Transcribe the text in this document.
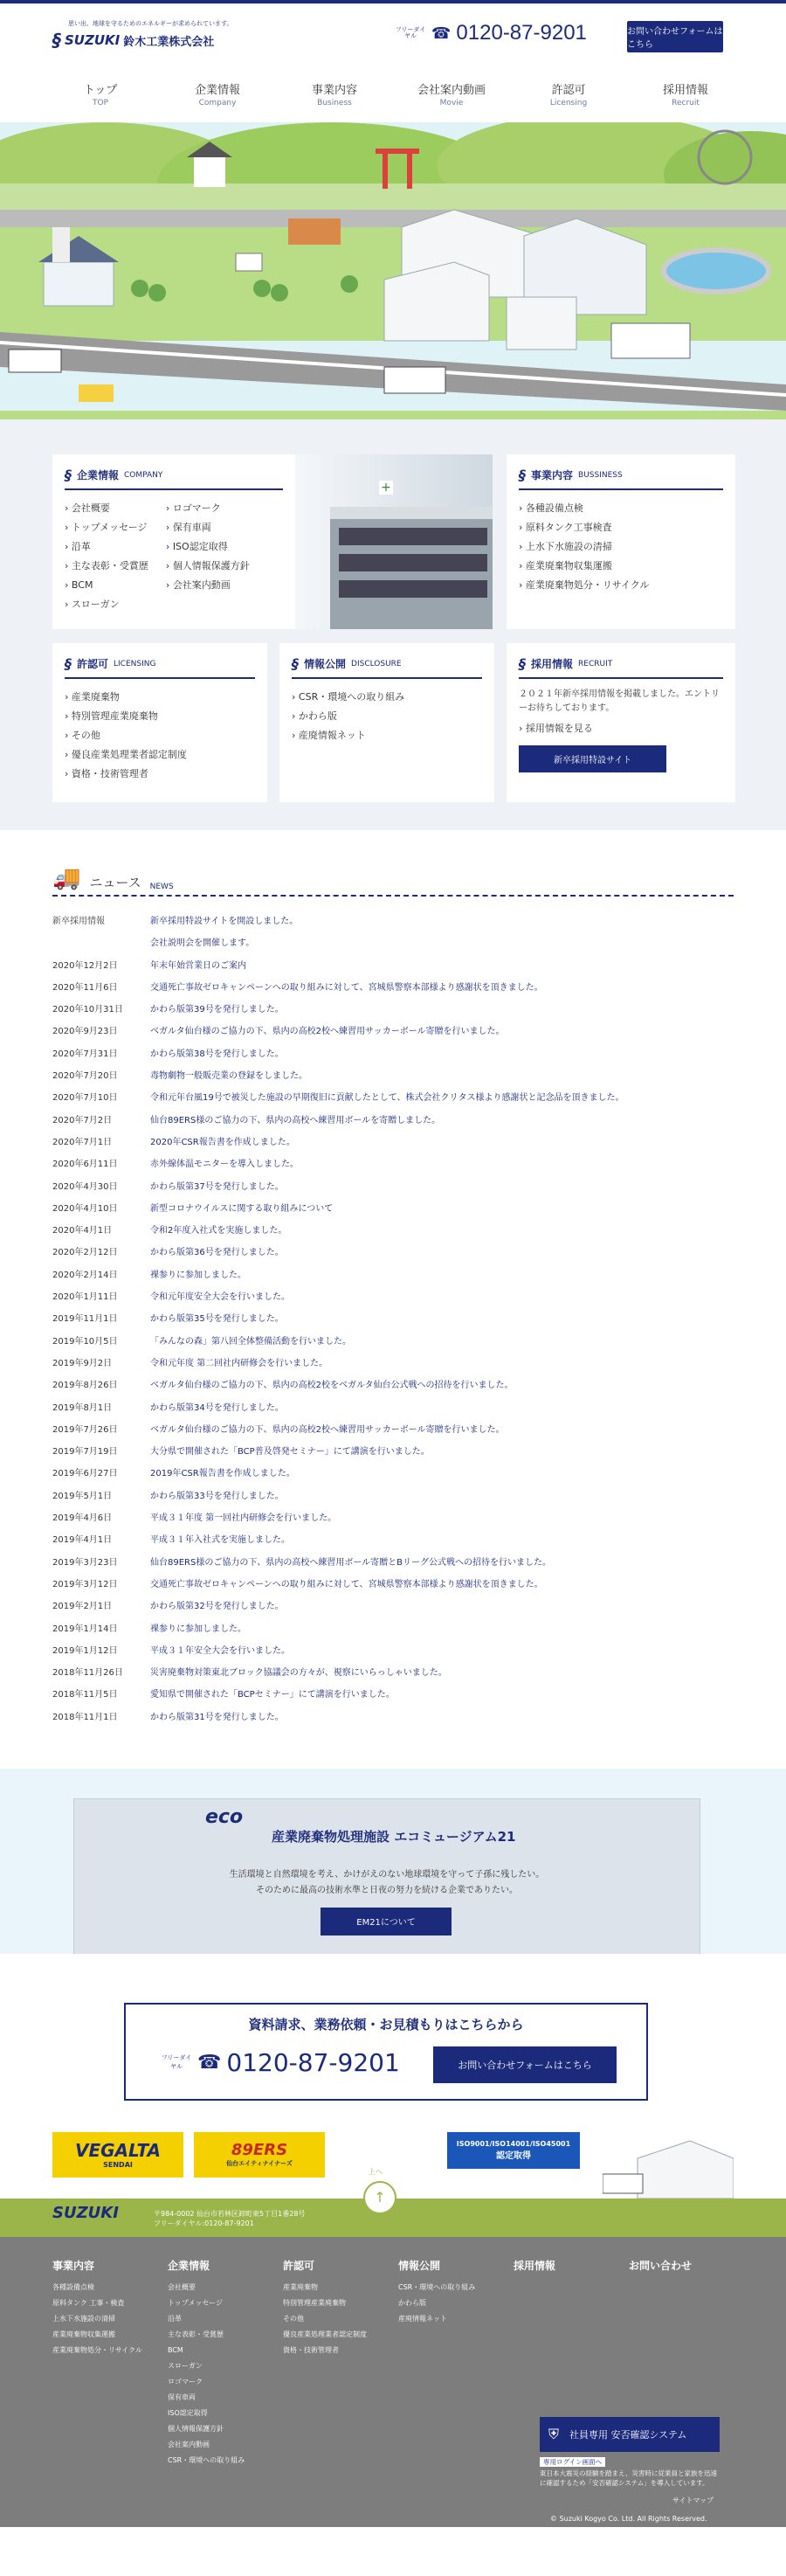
思い出、地球を守るためのエネルギーが求められています。
§ SUZUKI 鈴木工業株式会社
フリーダイヤル ☎ 0120-87-9201	お問い合わせフォームはこちら
トップ
TOP
企業情報
Company
事業内容
Business
会社案内動画
Movie
許認可
Licensing
採用情報
Recruit
§ 企業情報 COMPANY
› 会社概要
› トップメッセージ
› 沿革
› 主な表彰・受賞歴
› BCM
› スローガン
› ロゴマーク
› 保有車両
› ISO認定取得
› 個人情報保護方針
› 会社案内動画
+
§ 事業内容 BUSSINESS
› 各種設備点検
› 原料タンク工事検査
› 上水下水施設の清掃
› 産業廃棄物収集運搬
› 産業廃棄物処分・リサイクル
§ 許認可 LICENSING
› 産業廃棄物
› 特別管理産業廃棄物
› その他
› 優良産業処理業者認定制度
› 資格・技術管理者
§ 情報公開 DISCLOSURE
› CSR・環境への取り組み
› かわら版
› 産廃情報ネット
§ 採用情報 RECRUIT

２０２１年新卒採用情報を掲載しました。エントリーお待ちしております。

› 採用情報を見る
新卒採用特設サイト
🚚 ニュース NEWS
新卒採用情報	新卒採用特設サイトを開設しました。
会社説明会を開催します。
2020年12月2日	年末年始営業日のご案内
2020年11月6日	交通死亡事故ゼロキャンペーンへの取り組みに対して、宮城県警察本部様より感謝状を頂きました。
2020年10月31日	かわら版第39号を発行しました。
2020年9月23日	ベガルタ仙台様のご協力の下、県内の高校2校へ練習用サッカーボール寄贈を行いました。
2020年7月31日	かわら版第38号を発行しました。
2020年7月20日	毒物劇物一般販売業の登録をしました。
2020年7月10日	令和元年台風19号で被災した施設の早期復旧に貢献したとして、株式会社クリタス様より感謝状と記念品を頂きました。
2020年7月2日	仙台89ERS様のご協力の下、県内の高校へ練習用ボールを寄贈しました。
2020年7月1日	2020年CSR報告書を作成しました。
2020年6月11日	赤外線体温モニターを導入しました。
2020年4月30日	かわら版第37号を発行しました。
2020年4月10日	新型コロナウイルスに関する取り組みについて
2020年4月1日	令和2年度入社式を実施しました。
2020年2月12日	かわら版第36号を発行しました。
2020年2月14日	裸参りに参加しました。
2020年1月11日	令和元年度安全大会を行いました。
2019年11月1日	かわら版第35号を発行しました。
2019年10月5日	「みんなの森」第八回全体整備活動を行いました。
2019年9月2日	令和元年度 第二回社内研修会を行いました。
2019年8月26日	ベガルタ仙台様のご協力の下、県内の高校2校をベガルタ仙台公式戦への招待を行いました。
2019年8月1日	かわら版第34号を発行しました。
2019年7月26日	ベガルタ仙台様のご協力の下、県内の高校2校へ練習用サッカーボール寄贈を行いました。
2019年7月19日	大分県で開催された「BCP普及啓発セミナー」にて講演を行いました。
2019年6月27日	2019年CSR報告書を作成しました。
2019年5月1日	かわら版第33号を発行しました。
2019年4月6日	平成３１年度 第一回社内研修会を行いました。
2019年4月1日	平成３１年入社式を実施しました。
2019年3月23日	仙台89ERS様のご協力の下、県内の高校へ練習用ボール寄贈とBリーグ公式戦への招待を行いました。
2019年3月12日	交通死亡事故ゼロキャンペーンへの取り組みに対して、宮城県警察本部様より感謝状を頂きました。
2019年2月1日	かわら版第32号を発行しました。
2019年1月14日	裸参りに参加しました。
2019年1月12日	平成３１年安全大会を行いました。
2018年11月26日	災害廃棄物対策東北ブロック協議会の方々が、視察にいらっしゃいました。
2018年11月5日	愛知県で開催された「BCPセミナー」にて講演を行いました。
2018年11月1日	かわら版第31号を発行しました。
eco
産業廃棄物処理施設 エコミュージアム21
生活環境と自然環境を考え、かけがえのない地球環境を守って子孫に残したい。
そのために最高の技術水準と日夜の努力を続ける企業でありたい。
EM21について
資料請求、業務依頼・お見積もりはこちらから
フリーダイヤル ☎ 0120-87-9201	お問い合わせフォームはこちら
VEGALTA
SENDAI
89ERS
仙台エイティナイナーズ
ISO9001/ISO14001/ISO45001
認定取得
上へ
↑
SUZUKI	〒984-0002 仙台市若林区卸町東5丁目1番28号
フリーダイヤル:0120-87-9201
事業内容
各種設備点検
原料タンク 工事・検査
上水下水施設の清掃
産業廃棄物収集運搬
産業廃棄物処分・リサイクル
企業情報
会社概要
トップメッセージ
沿革
主な表彰・受賞歴
BCM
スローガン
ロゴマーク
保有車両
ISO認定取得
個人情報保護方針
会社案内動画
CSR・環境への取り組み
許認可
産業廃棄物
特別管理産業廃棄物
その他
優良産業処理業者認定制度
資格・技術管理者
情報公開
CSR・環境への取り組み
かわら版
産廃情報ネット
採用情報	お問い合わせ
⛨ 社員専用 安否確認システム
専用ログイン画面へ
東日本大震災の経験を踏まえ、災害時に従業員と家族を迅速に確認するため「安否確認システム」を導入しています。
サイトマップ
© Suzuki Kogyo Co. Ltd. All Rights Reserved.
